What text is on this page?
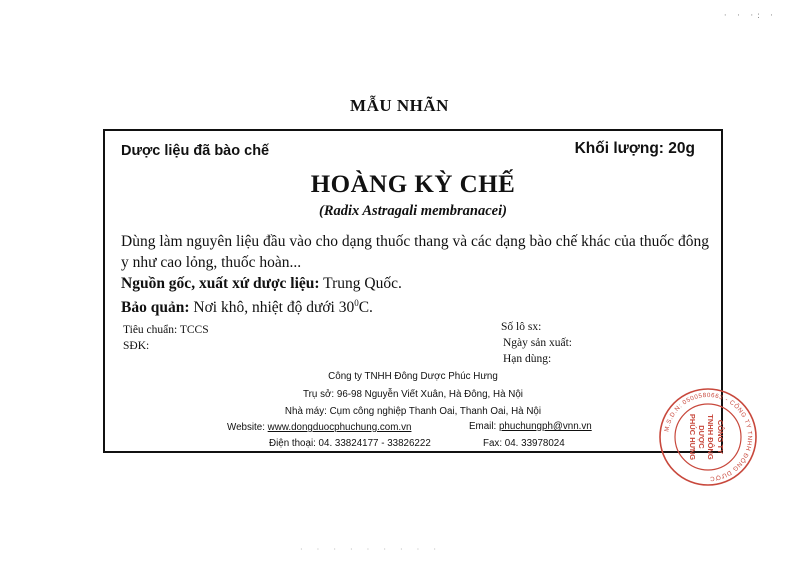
· · ·: ·
MẪU NHÃN
Dược liệu đã bào chế	Khối lượng: 20g
HOÀNG KỲ CHẾ
(Radix Astragali membranacei)
Dùng làm nguyên liệu đầu vào cho dạng thuốc thang và các dạng bào chế khác của thuốc đông y như cao lỏng, thuốc hoàn...
Nguồn gốc, xuất xứ dược liệu: Trung Quốc.
Bảo quản: Nơi khô, nhiệt độ dưới $30^0C$.
Tiêu chuẩn: TCCS
SĐK:
Số lô sx:
Ngày sản xuất:
Hạn dùng:
Công ty TNHH Đông Dược Phúc Hưng
Trụ sở: 96-98 Nguyễn Viết Xuân, Hà Đông, Hà Nội
Nhà máy: Cụm công nghiệp Thanh Oai, Thanh Oai, Hà Nội
Website: www.dongduocphuchung.com.vn	Email: phuchungph@vnn.vn
Điện thoại: 04. 33824177 - 33826222	Fax: 04. 33978024
M.S.D.N: 0500580663 - CÔNG TY TNHH ĐÔNG DƯỢC
CÔNG TY
TNHH ĐÔNG
DƯỢC
PHÚC HƯNG
· · · · · · · · ·
